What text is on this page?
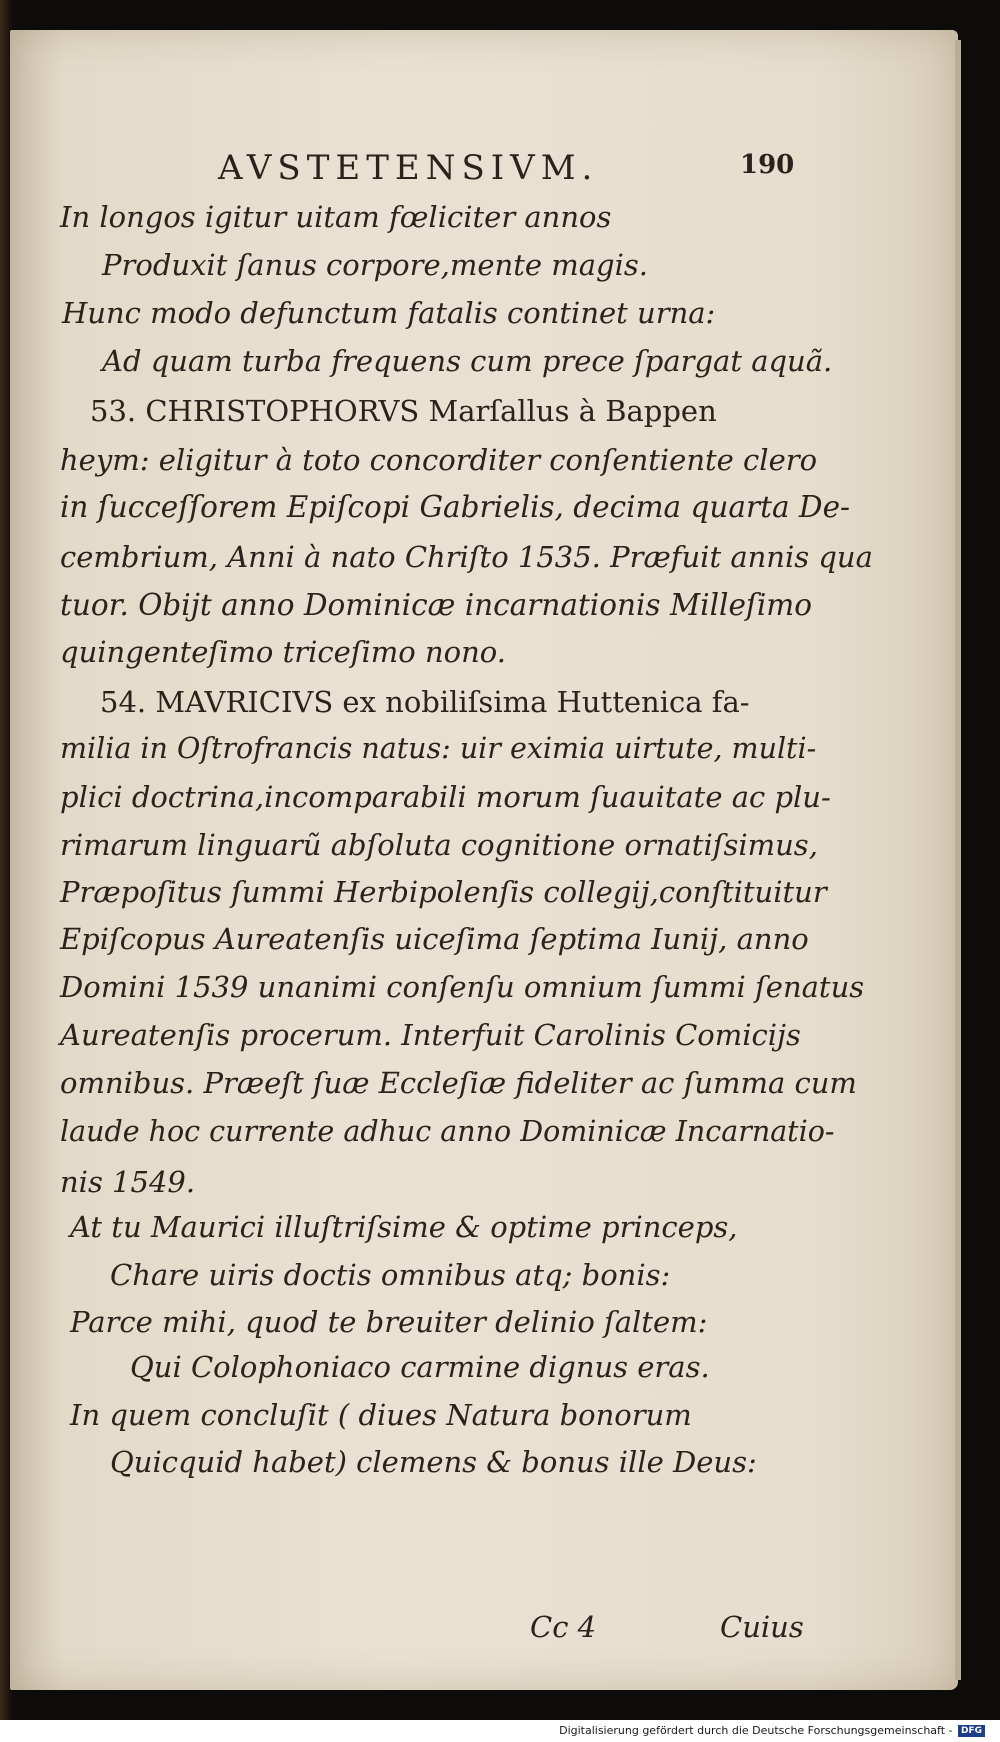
AVSTETENSIVM.	190
In longos igitur uitam fœliciter annos
Produxit ſanus corpore,mente magis.
Hunc modo defunctum fatalis continet urna:
Ad quam turba frequens cum prece ſpargat aquã.
53. CHRISTOPHORVS Marſallus à Bappen
heym: eligitur à toto concorditer conſentiente clero
in ſucceſſorem Epiſcopi Gabrielis, decima quarta De-
cembrium, Anni à nato Chriſto 1535. Præfuit annis qua
tuor. Obijt anno Dominicæ incarnationis Milleſimo
quingenteſimo triceſimo nono.
54. MAVRICIVS ex nobiliſsima Huttenica fa-
milia in Oſtrofrancis natus: uir eximia uirtute, multi-
plici doctrina,incomparabili morum ſuauitate ac plu-
rimarum linguarũ abſoluta cognitione ornatiſsimus,
Præpoſitus ſummi Herbipolenſis collegij,conſtituitur
Epiſcopus Aureatenſis uiceſima ſeptima Iunij, anno
Domini 1539 unanimi conſenſu omnium ſummi ſenatus
Aureatenſis procerum. Interfuit Carolinis Comicijs
omnibus. Præeſt ſuæ Eccleſiæ fideliter ac ſumma cum
laude hoc currente adhuc anno Dominicæ Incarnatio-
nis 1549.
At tu Maurici illuſtriſsime & optime princeps,
Chare uiris doctis omnibus atq; bonis:
Parce mihi, quod te breuiter delinio ſaltem:
Qui Colophoniaco carmine dignus eras.
In quem concluſit ( diues Natura bonorum
Quicquid habet) clemens & bonus ille Deus:
Cc 4	Cuius
Digitalisierung gefördert durch die Deutsche Forschungsgemeinschaft - DFG
